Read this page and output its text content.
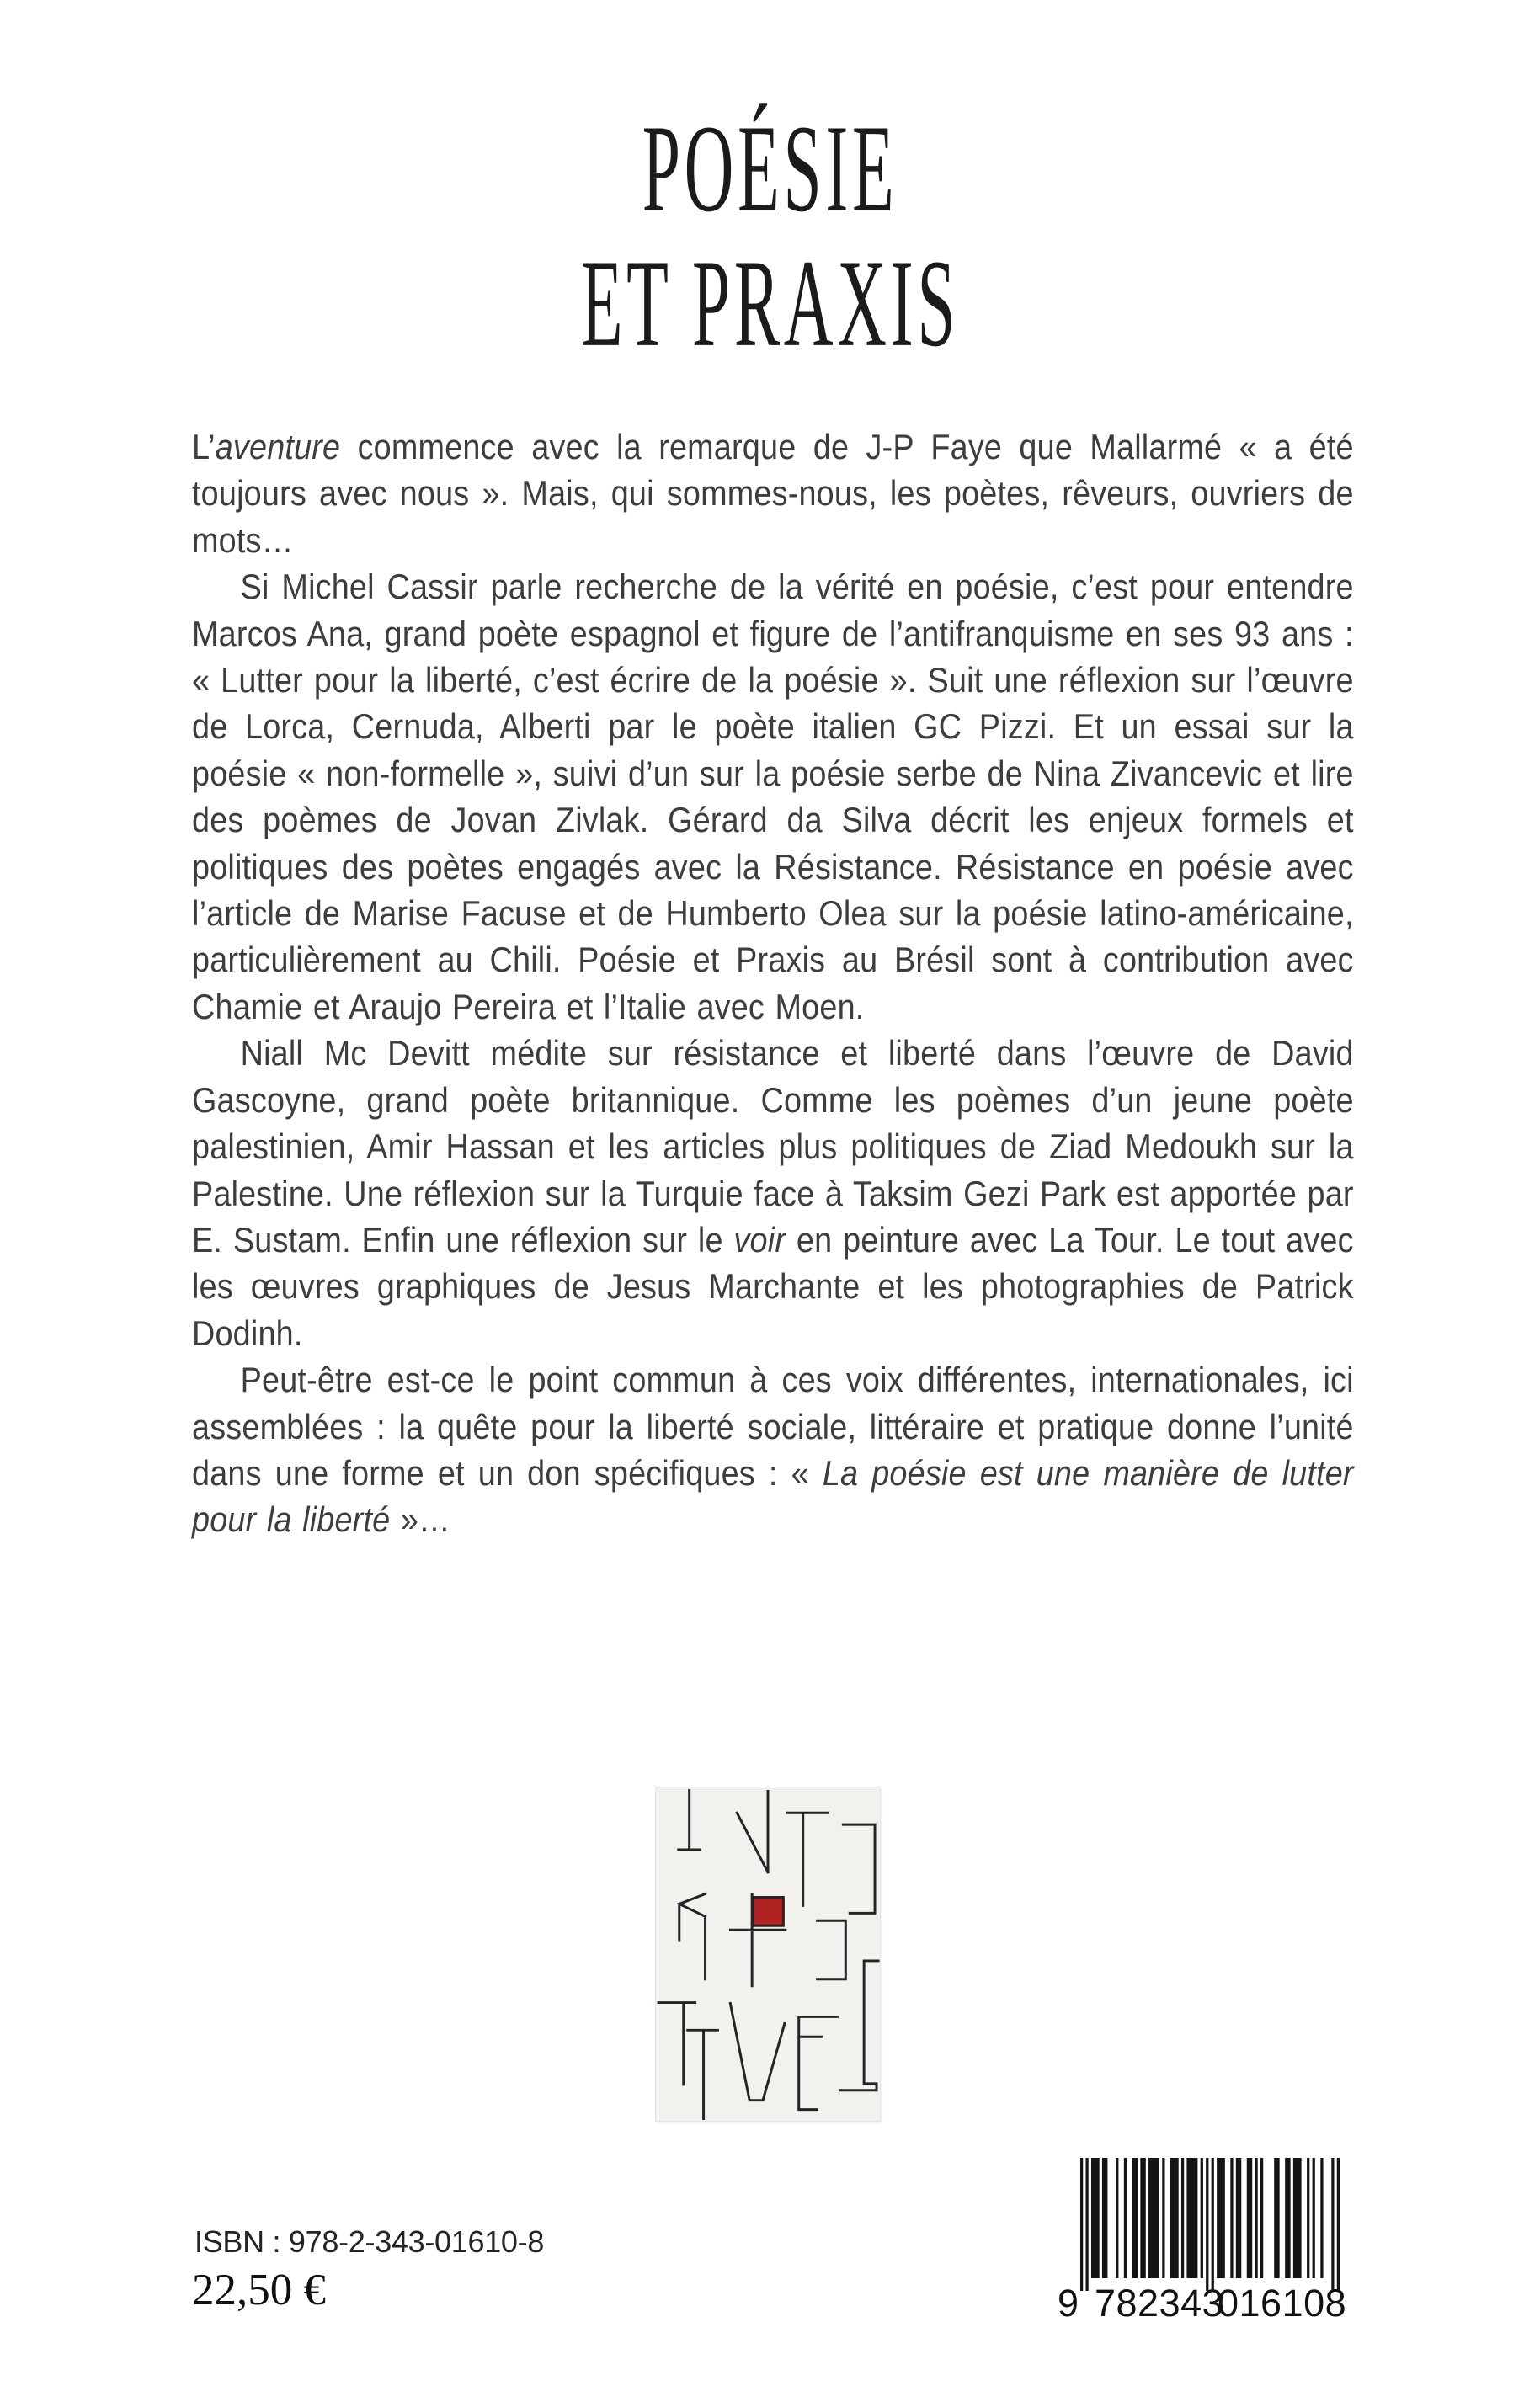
POÉSIE
ET PRAXIS

L’aventure commence avec la remarque de J-P Faye que Mallarmé « a été toujours avec nous ». Mais, qui sommes-nous, les poètes, rêveurs, ouvriers de mots…

Si Michel Cassir parle recherche de la vérité en poésie, c’est pour entendre Marcos Ana, grand poète espagnol et figure de l’antifranquisme en ses 93 ans : « Lutter pour la liberté, c’est écrire de la poésie ». Suit une réflexion sur l’œuvre de Lorca, Cernuda, Alberti par le poète italien GC Pizzi. Et un essai sur la poésie « non-formelle », suivi d’un sur la poésie serbe de Nina Zivancevic et lire des poèmes de Jovan Zivlak. Gérard da Silva décrit les enjeux formels et politiques des poètes engagés avec la Résistance. Résistance en poésie avec l’article de Marise Facuse et de Humberto Olea sur la poésie latino-américaine, particulièrement au Chili. Poésie et Praxis au Brésil sont à contribution avec Chamie et Araujo Pereira et l’Italie avec Moen.

Niall Mc Devitt médite sur résistance et liberté dans l’œuvre de David Gascoyne, grand poète britannique. Comme les poèmes d’un jeune poète palestinien, Amir Hassan et les articles plus politiques de Ziad Medoukh sur la Palestine. Une réflexion sur la Turquie face à Taksim Gezi Park est apportée par E. Sustam. Enfin une réflexion sur le voir en peinture avec La Tour. Le tout avec les œuvres graphiques de Jesus Marchante et les photographies de Patrick Dodinh.

Peut-être est-ce le point commun à ces voix différentes, internationales, ici assemblées : la quête pour la liberté sociale, littéraire et pratique donne l’unité dans une forme et un don spécifiques : « La poésie est une manière de lutter pour la liberté »…

ISBN : 978-2-343-01610-8
22,50 €	9 782343
016108
